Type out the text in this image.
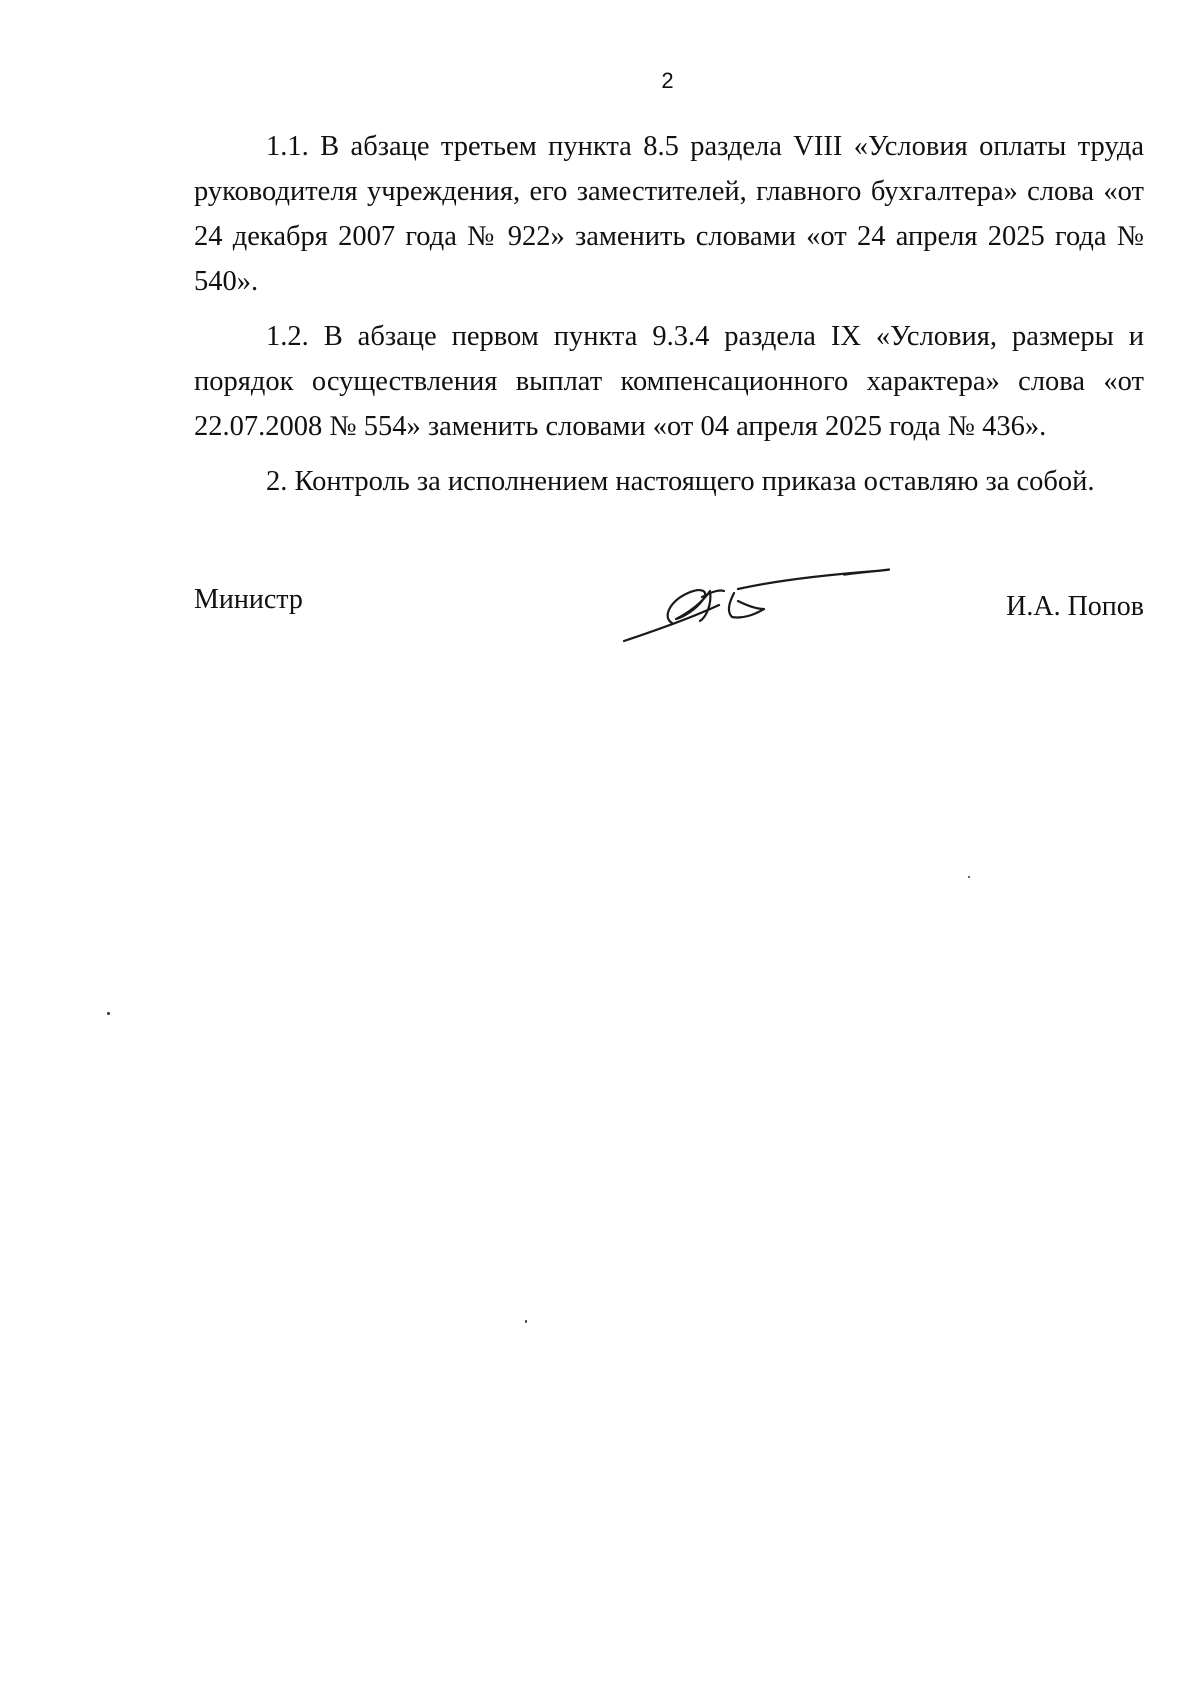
2

1.1. В абзаце третьем пункта 8.5 раздела VIII «Условия оплаты труда руководителя учреждения, его заместителей, главного бухгалтера» слова «от 24 декабря 2007 года № 922» заменить словами «от 24 апреля 2025 года № 540».

1.2. В абзаце первом пункта 9.3.4 раздела IX «Условия, размеры и порядок осуществления выплат компенсационного характера» слова «от 22.07.2008 № 554» заменить словами «от 04 апреля 2025 года № 436».

2. Контроль за исполнением настоящего приказа оставляю за собой.

Министр	И.А. Попов
